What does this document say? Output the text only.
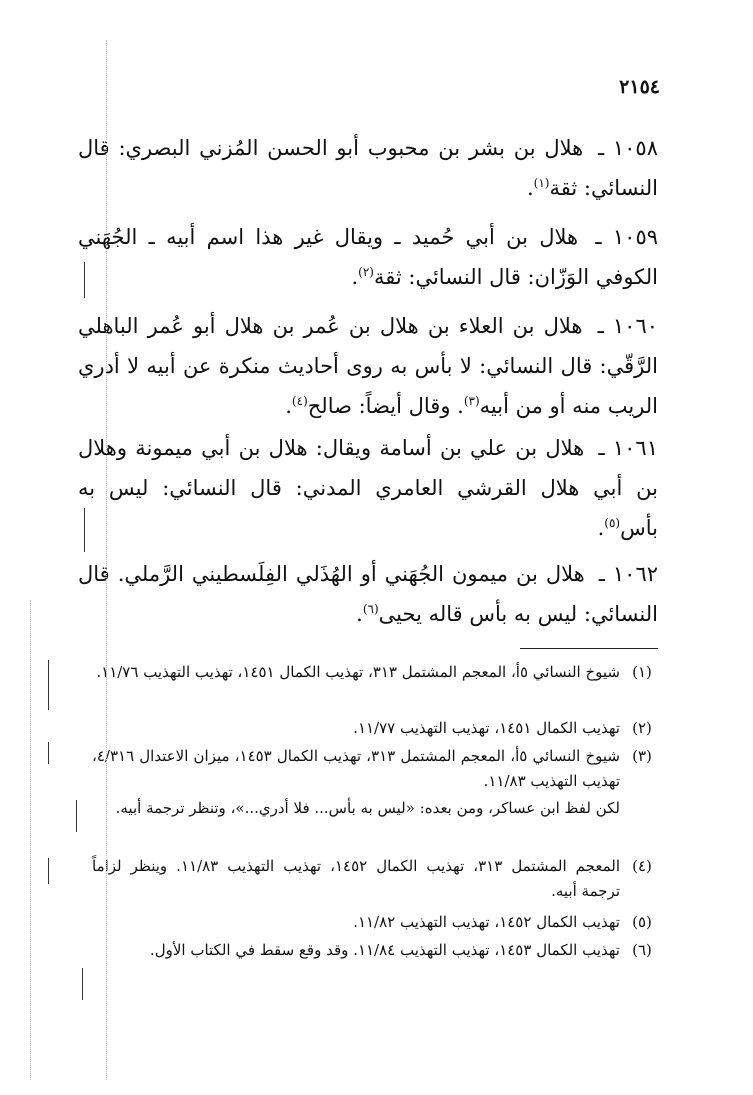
٢١٥٤
١٠٥٨ ـ هلال بن بشر بن محبوب أبو الحسن المُزني البصري: قال النسائي: ثقة$^{(١)}$.
١٠٥٩ ـ هلال بن أبي حُميد ـ ويقال غير هذا اسم أبيه ـ الجُهَني الكوفي الوَزّان: قال النسائي: ثقة$^{(٢)}$.
١٠٦٠ ـ هلال بن العلاء بن هلال بن عُمر بن هلال أبو عُمر الباهلي الرَّقّي: قال النسائي: لا بأس به روى أحاديث منكرة عن أبيه لا أدري الريب منه أو من أبيه$^{(٣)}$. وقال أيضاً: صالح$^{(٤)}$.
١٠٦١ ـ هلال بن علي بن أسامة ويقال: هلال بن أبي ميمونة وهلال بن أبي هلال القرشي العامري المدني: قال النسائي: ليس به بأس$^{(٥)}$.
١٠٦٢ ـ هلال بن ميمون الجُهَني أو الهُذَلي الفِلَسطيني الرَّملي. قال النسائي: ليس به بأس قاله يحيى$^{(٦)}$.
(١)
شيوخ النسائي ٥أ، المعجم المشتمل ٣١٣، تهذيب الكمال ١٤٥١، تهذيب التهذيب ١١/٧٦.
(٢)
تهذيب الكمال ١٤٥١، تهذيب التهذيب ١١/٧٧.
(٣)
شيوخ النسائي ٥أ، المعجم المشتمل ٣١٣، تهذيب الكمال ١٤٥٣، ميزان الاعتدال ٤/٣١٦، تهذيب التهذيب ١١/٨٣.

لكن لفظ ابن عساكر، ومن بعده: «ليس به بأس... فلا أدري...»، وتنظر ترجمة أبيه.

(٤)
المعجم المشتمل ٣١٣، تهذيب الكمال ١٤٥٢، تهذيب التهذيب ١١/٨٣. وينظر لزاماً ترجمة أبيه.
(٥)
تهذيب الكمال ١٤٥٢، تهذيب التهذيب ١١/٨٢.
(٦)
تهذيب الكمال ١٤٥٣، تهذيب التهذيب ١١/٨٤. وقد وقع سقط في الكتاب الأول.
